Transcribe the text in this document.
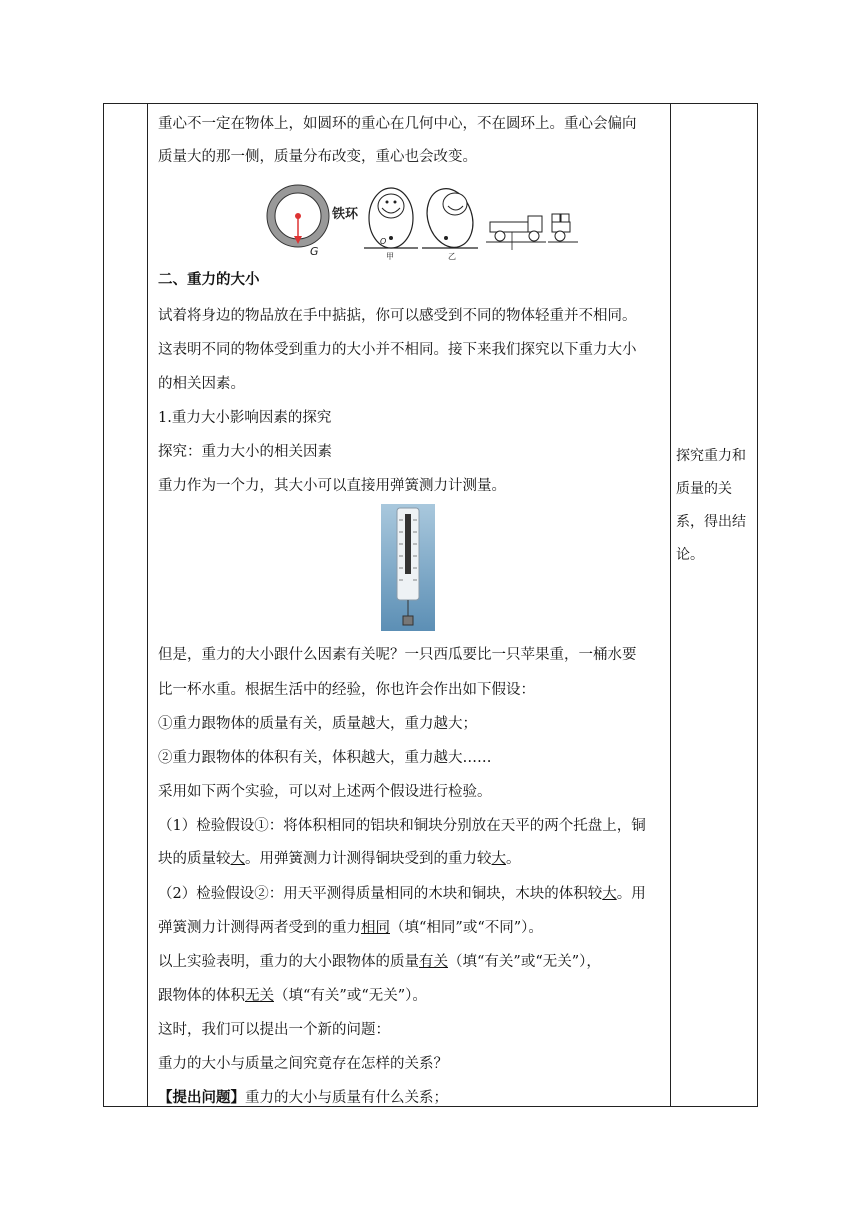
重心不一定在物体上，如圆环的重心在几何中心，不在圆环上。重心会偏向
质量大的那一侧，质量分布改变，重心也会改变。
铁环
G
O
甲	乙
二、重力的大小
试着将身边的物品放在手中掂掂，你可以感受到不同的物体轻重并不相同。
这表明不同的物体受到重力的大小并不相同。接下来我们探究以下重力大小
的相关因素。
1.重力大小影响因素的探究
探究：重力大小的相关因素
重力作为一个力，其大小可以直接用弹簧测力计测量。
但是，重力的大小跟什么因素有关呢？一只西瓜要比一只苹果重，一桶水要
比一杯水重。根据生活中的经验，你也许会作出如下假设：
①重力跟物体的质量有关，质量越大，重力越大；
②重力跟物体的体积有关，体积越大，重力越大……
采用如下两个实验，可以对上述两个假设进行检验。
（1）检验假设①：将体积相同的铝块和铜块分别放在天平的两个托盘上，铜
块的质量较大。用弹簧测力计测得铜块受到的重力较大。
（2）检验假设②：用天平测得质量相同的木块和铜块，木块的体积较大。用
弹簧测力计测得两者受到的重力相同（填“相同”或“不同”）。
以上实验表明，重力的大小跟物体的质量有关（填“有关”或“无关”），
跟物体的体积无关（填“有关”或“无关”）。
这时，我们可以提出一个新的问题：
重力的大小与质量之间究竟存在怎样的关系？
【提出问题】重力的大小与质量有什么关系；
探究重力和
质量的关
系，得出结
论。
